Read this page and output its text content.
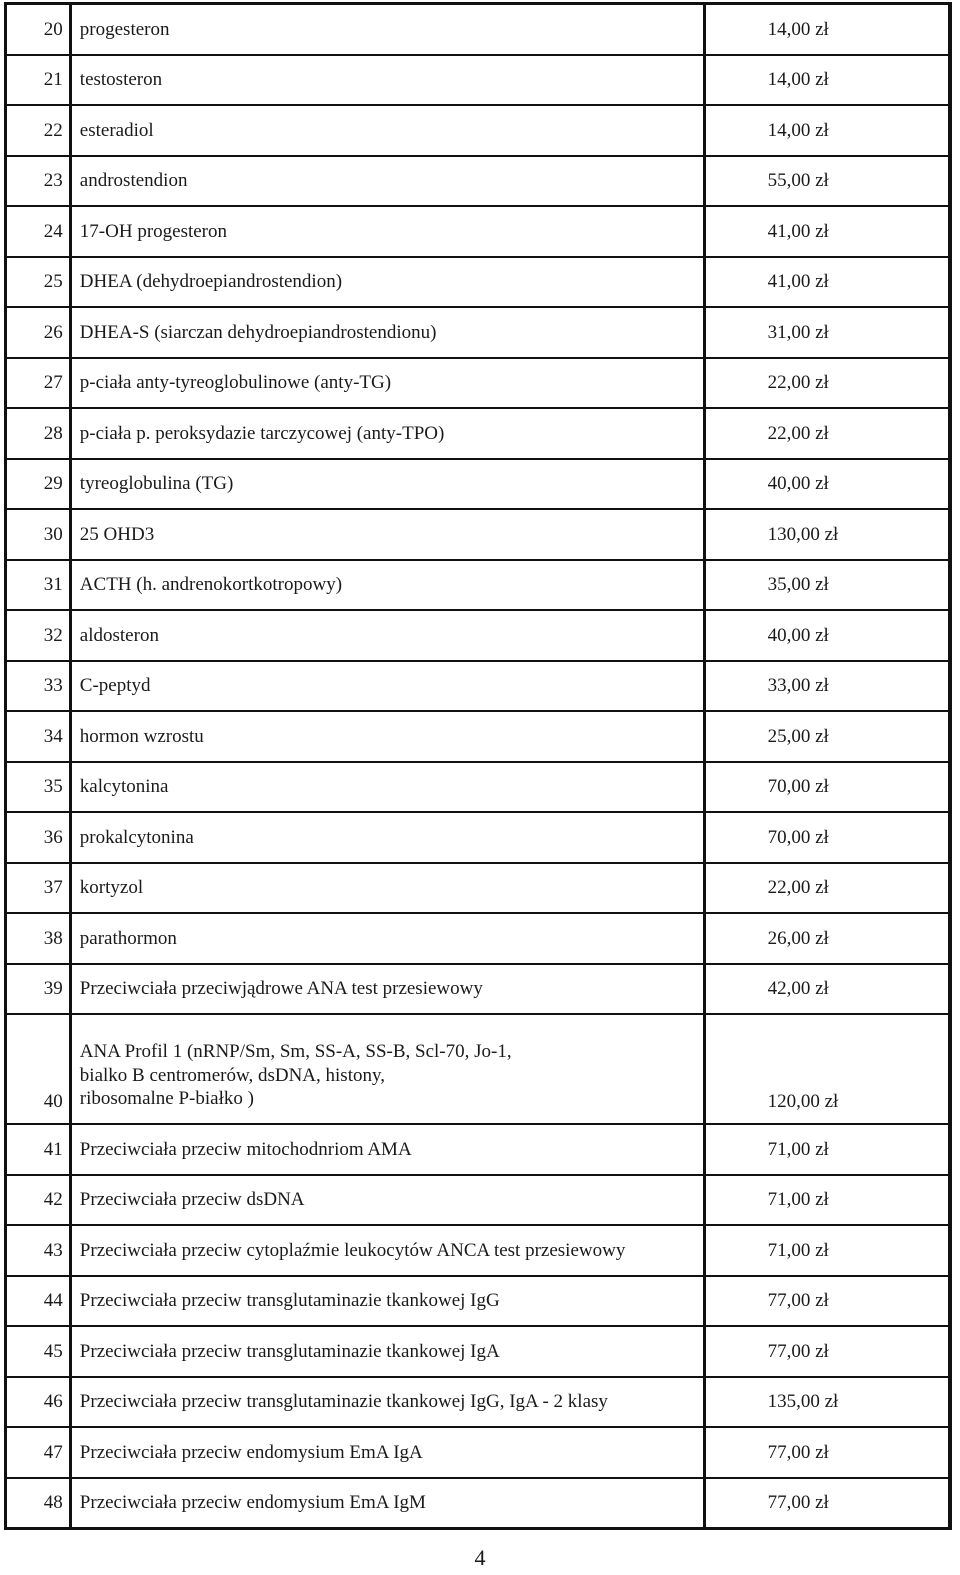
20	progesteron	14,00 zł
21	testosteron	14,00 zł
22	esteradiol	14,00 zł
23	androstendion	55,00 zł
24	17-OH progesteron	41,00 zł
25	DHEA (dehydroepiandrostendion)	41,00 zł
26	DHEA-S (siarczan dehydroepiandrostendionu)	31,00 zł
27	p-ciała anty-tyreoglobulinowe (anty-TG)	22,00 zł
28	p-ciała p. peroksydazie tarczycowej (anty-TPO)	22,00 zł
29	tyreoglobulina (TG)	40,00 zł
30	25 OHD3	130,00 zł
31	ACTH (h. andrenokortkotropowy)	35,00 zł
32	aldosteron	40,00 zł
33	C-peptyd	33,00 zł
34	hormon wzrostu	25,00 zł
35	kalcytonina	70,00 zł
36	prokalcytonina	70,00 zł
37	kortyzol	22,00 zł
38	parathormon	26,00 zł
39	Przeciwciała przeciwjądrowe ANA test przesiewowy	42,00 zł
40	ANA Profil 1 (nRNP/Sm, Sm, SS-A, SS-B, Scl-70, Jo-1,
bialko B centromerów, dsDNA, histony,
ribosomalne P-białko )	120,00 zł
41	Przeciwciała przeciw mitochodnriom AMA	71,00 zł
42	Przeciwciała przeciw dsDNA	71,00 zł
43	Przeciwciała przeciw cytoplaźmie leukocytów ANCA test przesiewowy	71,00 zł
44	Przeciwciała przeciw transglutaminazie tkankowej IgG	77,00 zł
45	Przeciwciała przeciw transglutaminazie tkankowej IgA	77,00 zł
46	Przeciwciała przeciw transglutaminazie tkankowej IgG, IgA - 2 klasy	135,00 zł
47	Przeciwciała przeciw endomysium EmA IgA	77,00 zł
48	Przeciwciała przeciw endomysium EmA IgM	77,00 zł
4
